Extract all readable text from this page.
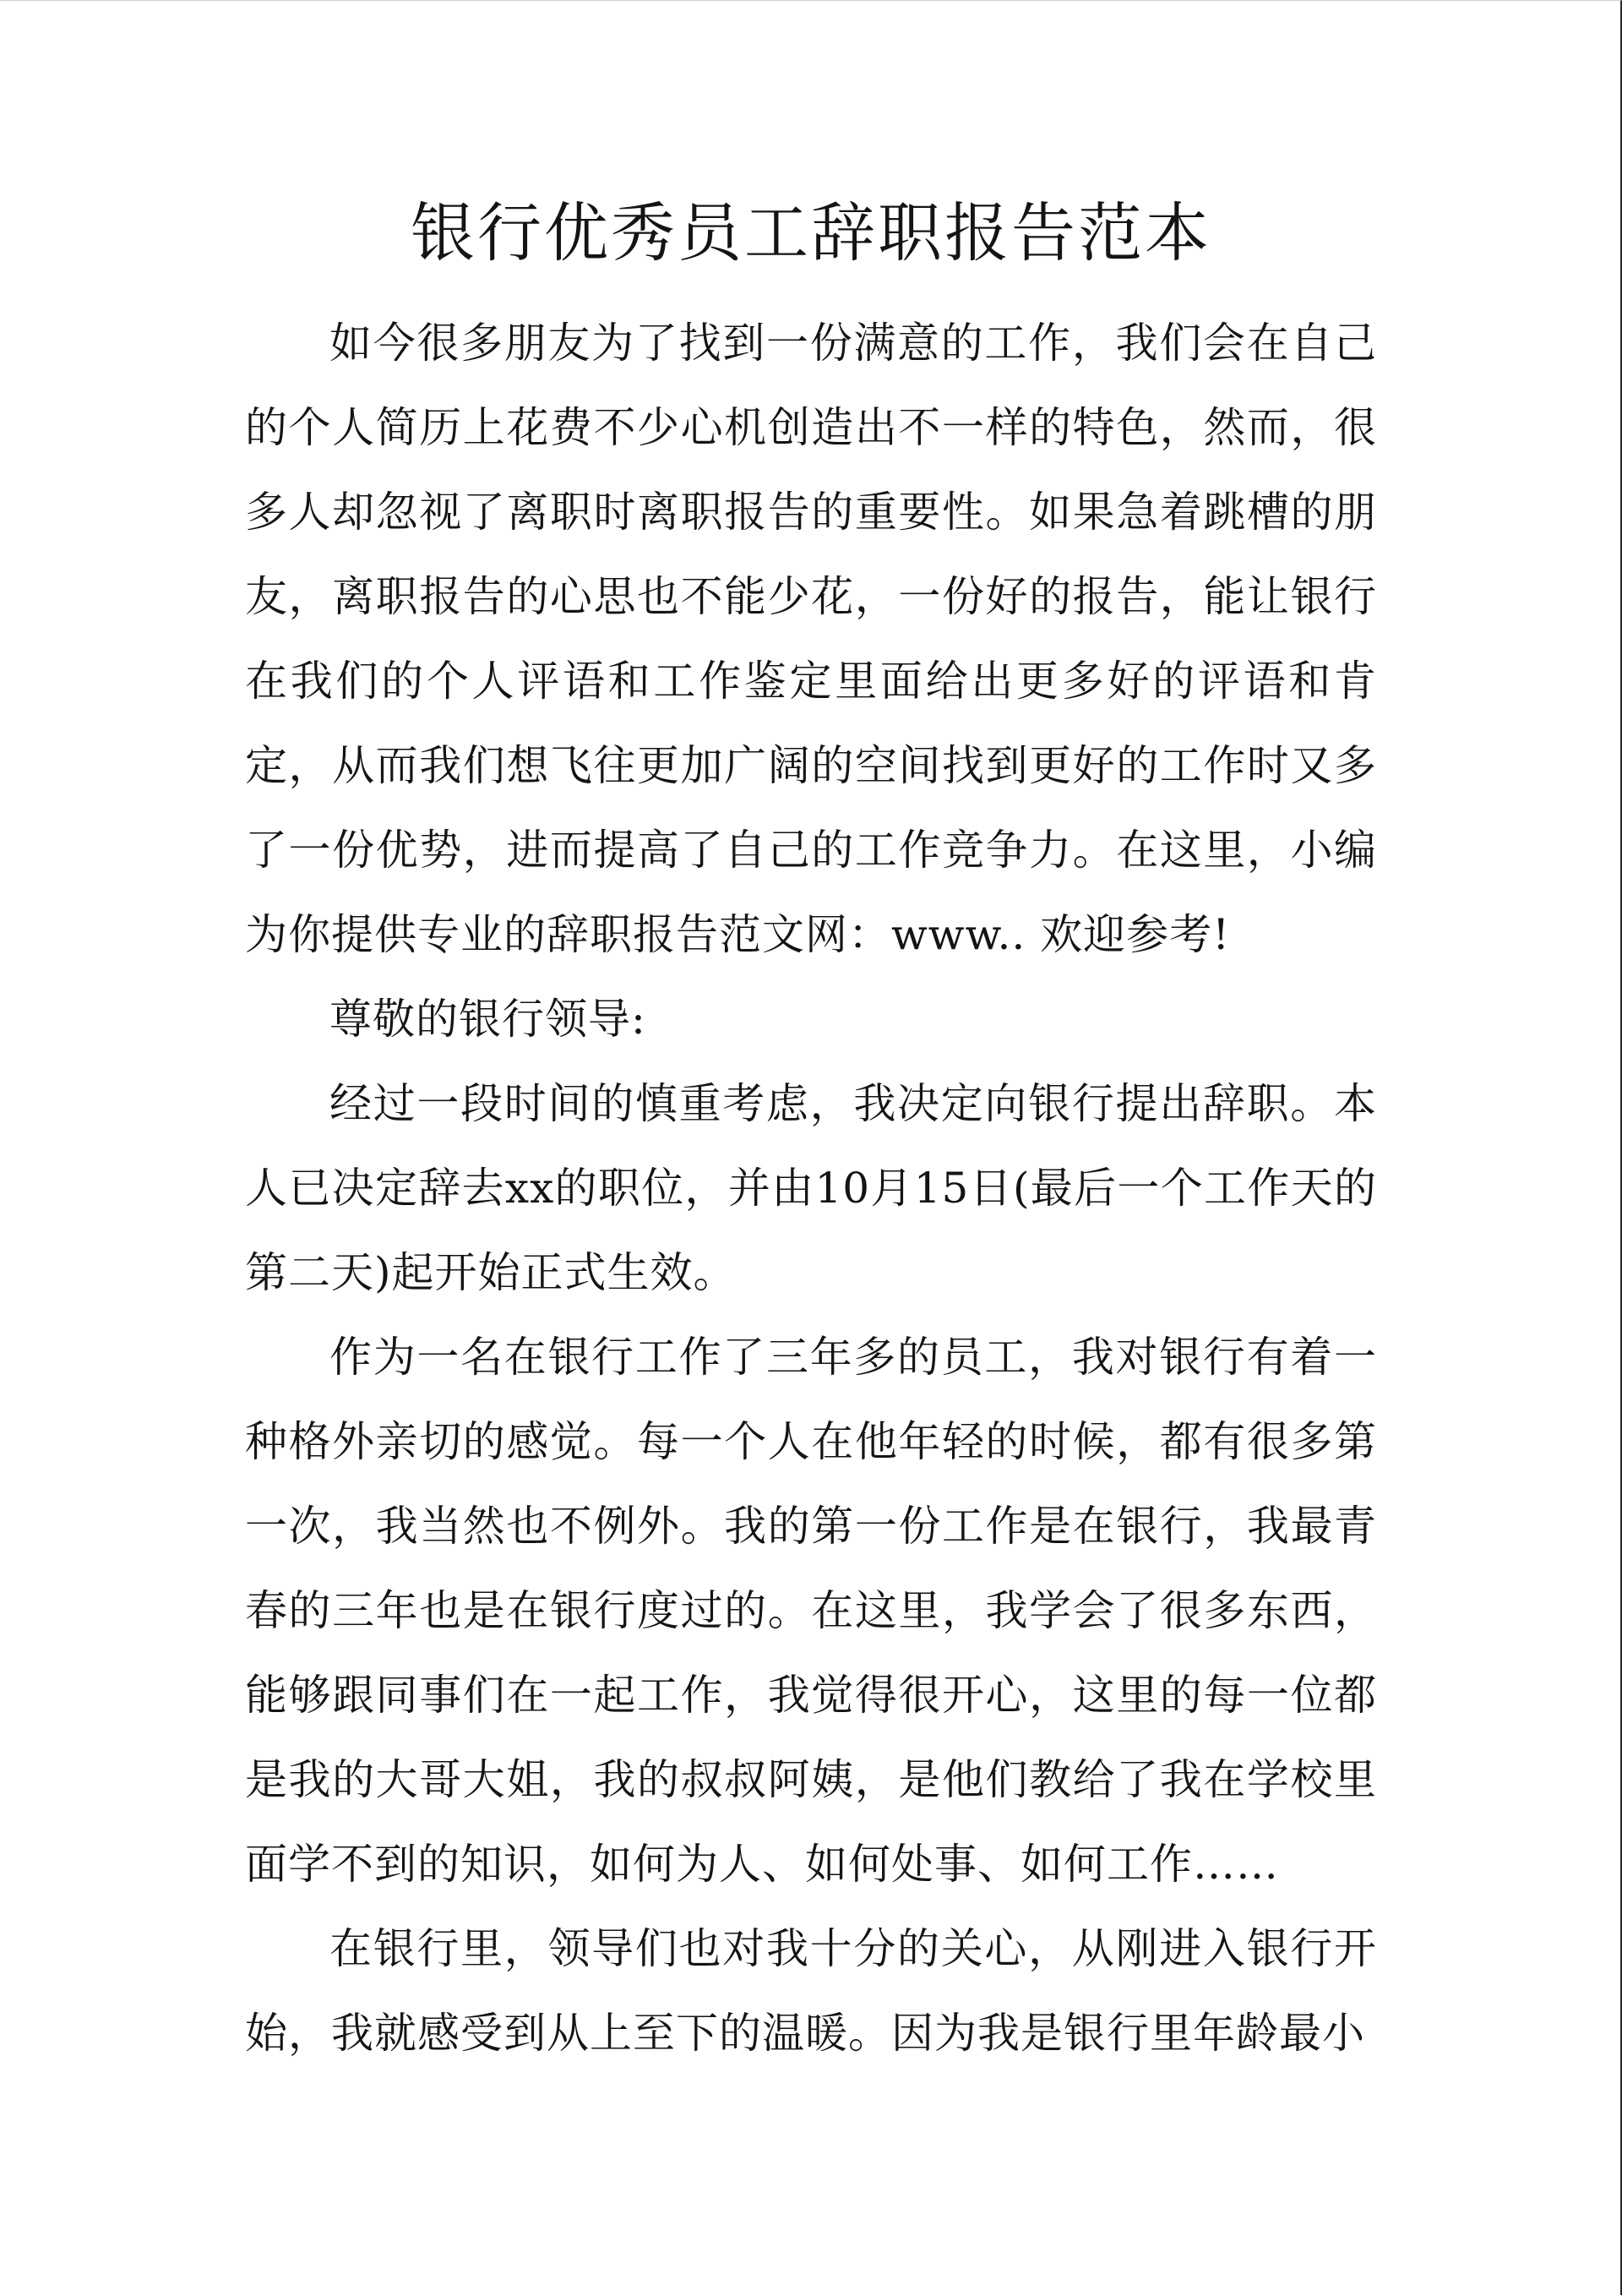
银行优秀员工辞职报告范本

如今很多朋友为了找到一份满意的工作，我们会在自己的个人简历上花费不少心机创造出不一样的特色，然而，很多人却忽视了离职时离职报告的重要性。如果急着跳槽的朋友，离职报告的心思也不能少花，一份好的报告，能让银行在我们的个人评语和工作鉴定里面给出更多好的评语和肯定，从而我们想飞往更加广阔的空间找到更好的工作时又多了一份优势，进而提高了自己的工作竞争力。在这里，小编为你提供专业的辞职报告范文网：www.. 欢迎参考!

尊敬的银行领导:

经过一段时间的慎重考虑，我决定向银行提出辞职。本人已决定辞去xx的职位，并由10月15日(最后一个工作天的第二天)起开始正式生效。

作为一名在银行工作了三年多的员工，我对银行有着一种格外亲切的感觉。每一个人在他年轻的时候，都有很多第一次，我当然也不例外。我的第一份工作是在银行，我最青春的三年也是在银行度过的。在这里，我学会了很多东西，能够跟同事们在一起工作，我觉得很开心，这里的每一位都是我的大哥大姐，我的叔叔阿姨，是他们教给了我在学校里面学不到的知识，如何为人、如何处事、如何工作……

在银行里，领导们也对我十分的关心，从刚进入银行开始，我就感受到从上至下的温暖。因为我是银行里年龄最小
